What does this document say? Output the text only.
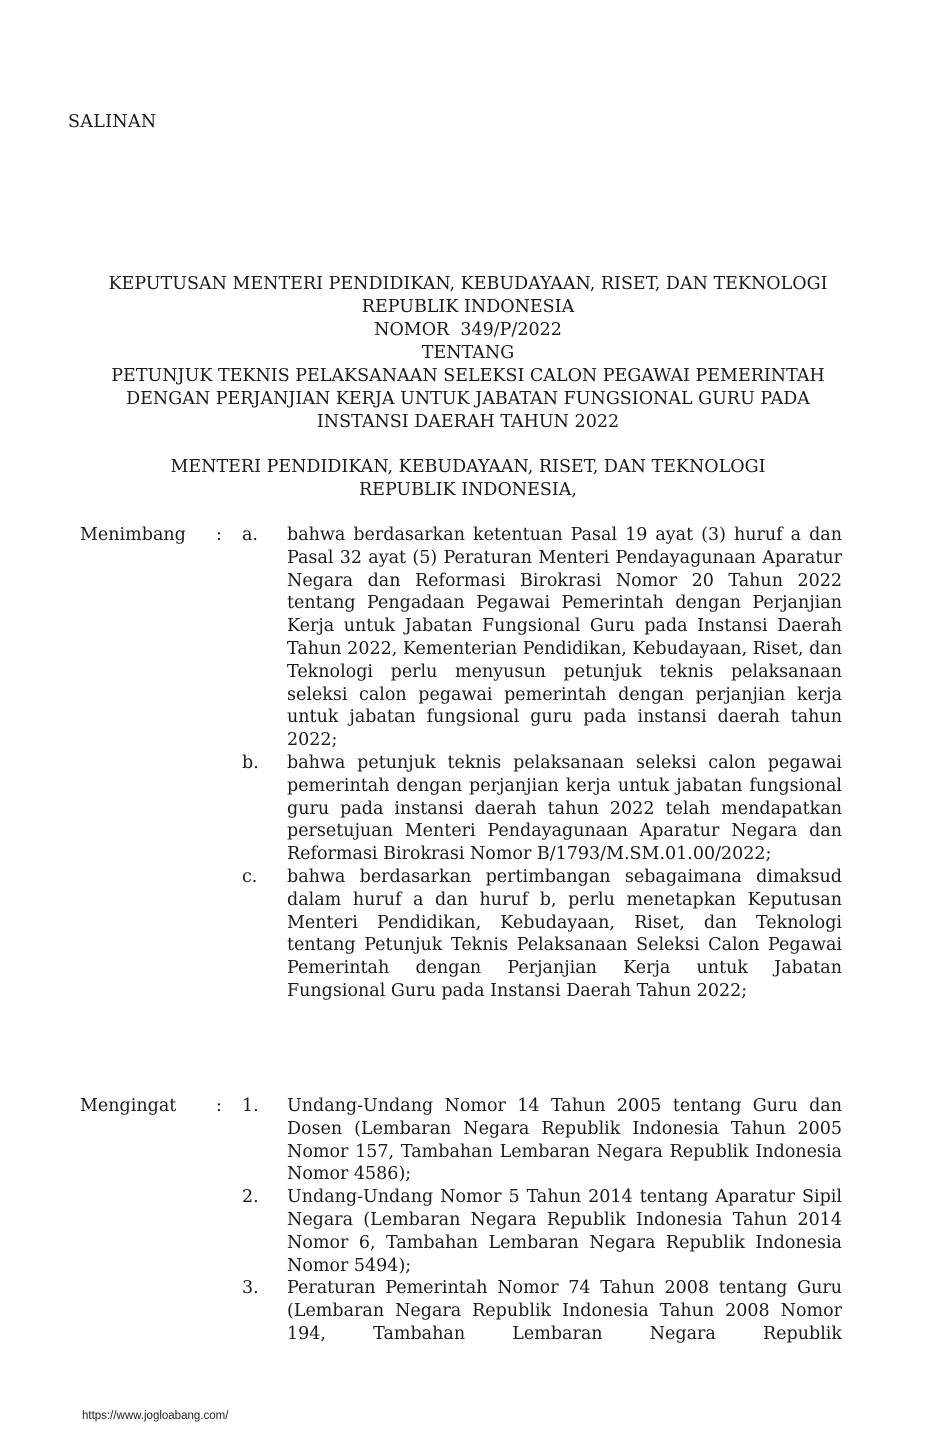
SALINAN
KEPUTUSAN MENTERI PENDIDIKAN, KEBUDAYAAN, RISET, DAN TEKNOLOGI
REPUBLIK INDONESIA
NOMOR  349/P/2022
TENTANG
PETUNJUK TEKNIS PELAKSANAAN SELEKSI CALON PEGAWAI PEMERINTAH
DENGAN PERJANJIAN KERJA UNTUK JABATAN FUNGSIONAL GURU PADA
INSTANSI DAERAH TAHUN 2022
MENTERI PENDIDIKAN, KEBUDAYAAN, RISET, DAN TEKNOLOGI
REPUBLIK INDONESIA,
Menimbang : a. bahwa berdasarkan ketentuan Pasal 19 ayat (3) huruf a dan Pasal 32 ayat (5) Peraturan Menteri Pendayagunaan Aparatur Negara dan Reformasi Birokrasi Nomor 20 Tahun 2022 tentang Pengadaan Pegawai Pemerintah dengan Perjanjian Kerja untuk Jabatan Fungsional Guru pada Instansi Daerah Tahun 2022, Kementerian Pendidikan, Kebudayaan, Riset, dan Teknologi perlu menyusun petunjuk teknis pelaksanaan seleksi calon pegawai pemerintah dengan perjanjian kerja untuk jabatan fungsional guru pada instansi daerah tahun 2022;
b. bahwa petunjuk teknis pelaksanaan seleksi calon pegawai pemerintah dengan perjanjian kerja untuk jabatan fungsional guru pada instansi daerah tahun 2022 telah mendapatkan persetujuan Menteri Pendayagunaan Aparatur Negara dan Reformasi Birokrasi Nomor B/1793/M.SM.01.00/2022;
c. bahwa berdasarkan pertimbangan sebagaimana dimaksud dalam huruf a dan huruf b, perlu menetapkan Keputusan Menteri Pendidikan, Kebudayaan, Riset, dan Teknologi tentang Petunjuk Teknis Pelaksanaan Seleksi Calon Pegawai Pemerintah dengan Perjanjian Kerja untuk Jabatan Fungsional Guru pada Instansi Daerah Tahun 2022;
Mengingat : 1. Undang-Undang Nomor 14 Tahun 2005 tentang Guru dan Dosen (Lembaran Negara Republik Indonesia Tahun 2005 Nomor 157, Tambahan Lembaran Negara Republik Indonesia Nomor 4586);
2. Undang-Undang Nomor 5 Tahun 2014 tentang Aparatur Sipil Negara (Lembaran Negara Republik Indonesia Tahun 2014 Nomor 6, Tambahan Lembaran Negara Republik Indonesia Nomor 5494);
3. Peraturan Pemerintah Nomor 74 Tahun 2008 tentang Guru (Lembaran Negara Republik Indonesia Tahun 2008 Nomor 194, Tambahan Lembaran Negara Republik
https://www.jogloabang.com/
